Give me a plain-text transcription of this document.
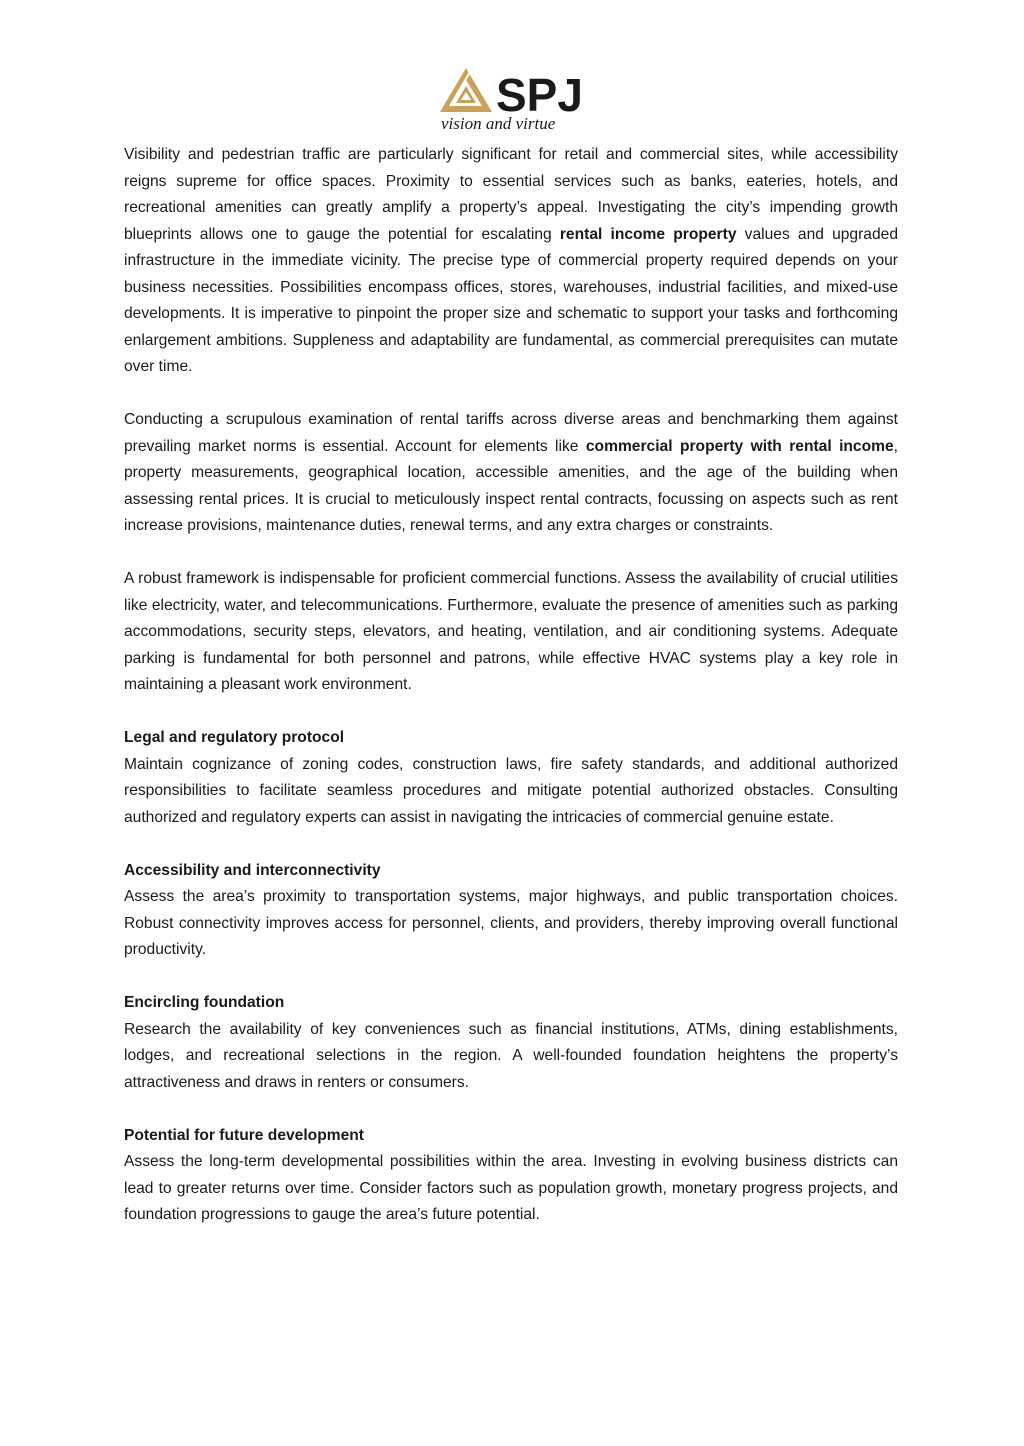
SPJ
vision and virtue

Visibility and pedestrian traffic are particularly significant for retail and commercial sites, while accessibility reigns supreme for office spaces. Proximity to essential services such as banks, eateries, hotels, and recreational amenities can greatly amplify a property’s appeal. Investigating the city’s impending growth blueprints allows one to gauge the potential for escalating rental income property values and upgraded infrastructure in the immediate vicinity. The precise type of commercial property required depends on your business necessities. Possibilities encompass offices, stores, warehouses, industrial facilities, and mixed-use developments. It is imperative to pinpoint the proper size and schematic to support your tasks and forthcoming enlargement ambitions. Suppleness and adaptability are fundamental, as commercial prerequisites can mutate over time.

Conducting a scrupulous examination of rental tariffs across diverse areas and benchmarking them against prevailing market norms is essential. Account for elements like commercial property with rental income, property measurements, geographical location, accessible amenities, and the age of the building when assessing rental prices. It is crucial to meticulously inspect rental contracts, focussing on aspects such as rent increase provisions, maintenance duties, renewal terms, and any extra charges or constraints.

A robust framework is indispensable for proficient commercial functions. Assess the availability of crucial utilities like electricity, water, and telecommunications. Furthermore, evaluate the presence of amenities such as parking accommodations, security steps, elevators, and heating, ventilation, and air conditioning systems. Adequate parking is fundamental for both personnel and patrons, while effective HVAC systems play a key role in maintaining a pleasant work environment.

Legal and regulatory protocol
Maintain cognizance of zoning codes, construction laws, fire safety standards, and additional authorized responsibilities to facilitate seamless procedures and mitigate potential authorized obstacles. Consulting authorized and regulatory experts can assist in navigating the intricacies of commercial genuine estate.

Accessibility and interconnectivity
Assess the area’s proximity to transportation systems, major highways, and public transportation choices. Robust connectivity improves access for personnel, clients, and providers, thereby improving overall functional productivity.

Encircling foundation
Research the availability of key conveniences such as financial institutions, ATMs, dining establishments, lodges, and recreational selections in the region. A well-founded foundation heightens the property’s attractiveness and draws in renters or consumers.

Potential for future development
Assess the long-term developmental possibilities within the area. Investing in evolving business districts can lead to greater returns over time. Consider factors such as population growth, monetary progress projects, and foundation progressions to gauge the area’s future potential.
